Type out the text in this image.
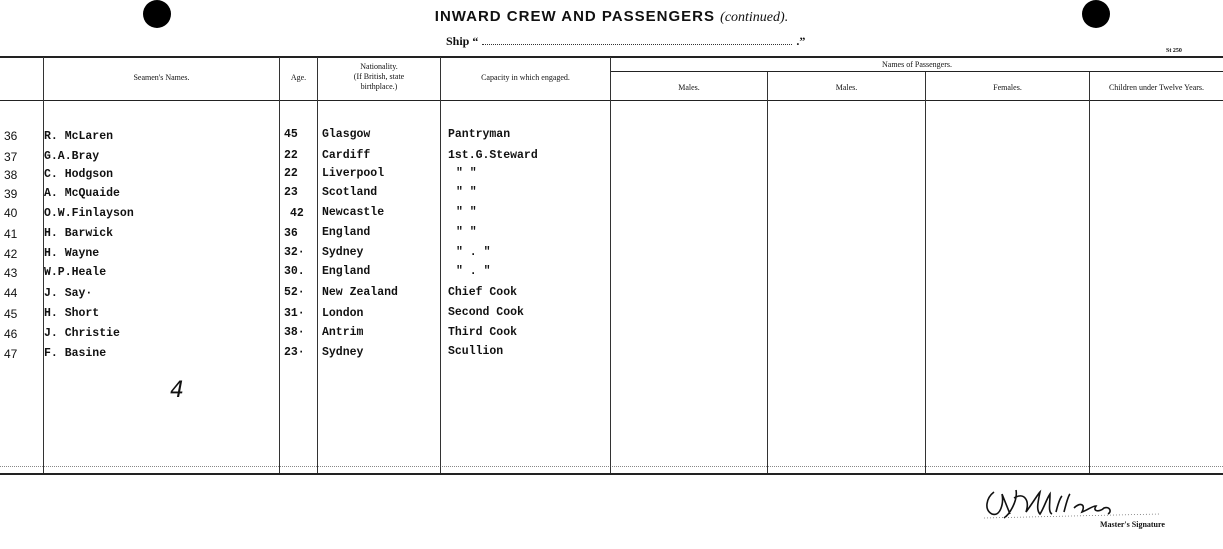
INWARD CREW AND PASSENGERS (continued).
Ship “	.”
St 250
Seamen's Names.	Age.
Nationality.
(If British, state
birthplace.)
Capacity in which engaged.
Names of Passengers.
Males.	Males.	Females.	Children under Twelve Years.
36 R. McLaren	45 Glasgow	Pantryman
37 G.A.Bray	22 Cardiff	1st.G.Steward
38 C. Hodgson	22 Liverpool	" "
39 A. McQuaide	23 Scotland	" "
40 O.W.Finlayson	42 Newcastle	" "
41 H. Barwick	36 England	" "
42 H. Wayne	32· Sydney	" . "
43 W.P.Heale	30. England	" . "
44 J. Say·	52· New Zealand	Chief Cook
45 H. Short	31· London	Second Cook
46 J. Christie	38· Antrim	Third Cook
47 F. Basine	23· Sydney	Scullion
4
J. Williams
Master's Signature
